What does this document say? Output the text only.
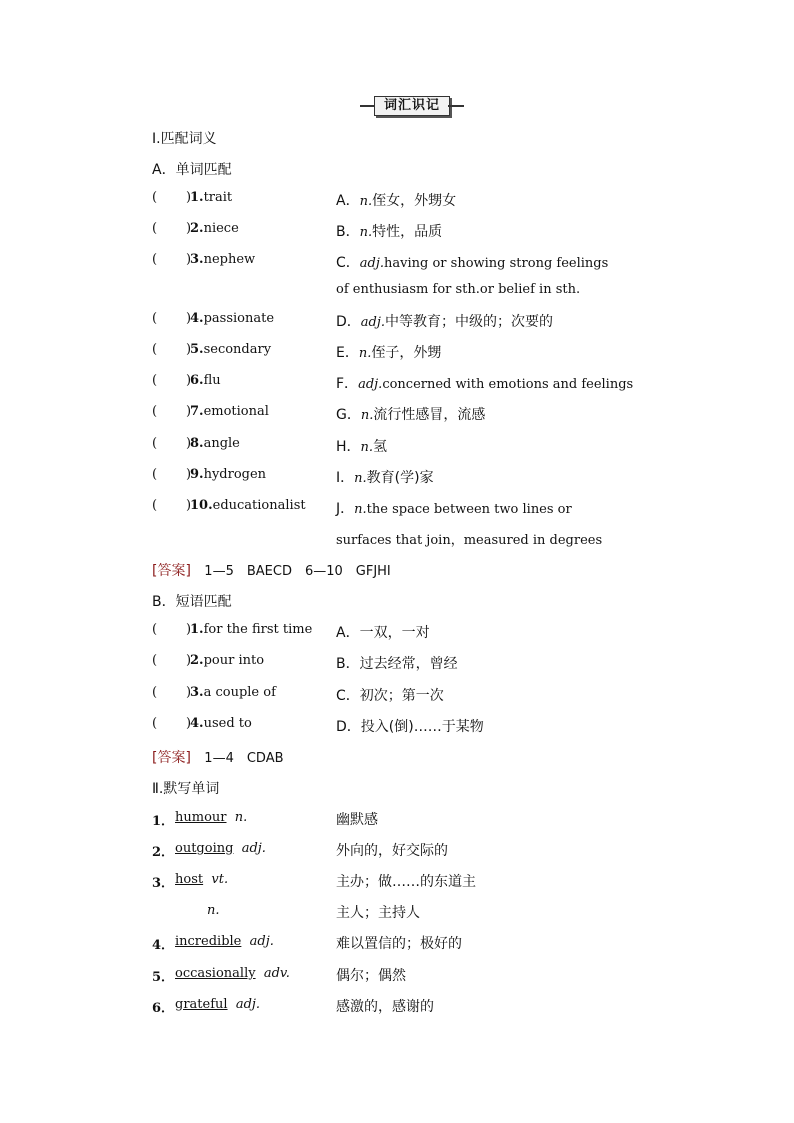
词汇识记
Ⅰ.匹配词义
A．单词匹配
( )
1.trait	A．n.侄女，外甥女
( )
2.niece	B．n.特性，品质
( )
3.nephew	C．adj.having or showing strong feelings
of enthusiasm for sth.or belief in sth.
( )
4.passionate	D．adj.中等教育；中级的；次要的
( )
5.secondary	E．n.侄子，外甥
( )
6.flu	F．adj.concerned with emotions and feelings
( )
7.emotional	G．n.流行性感冒，流感
( )
8.angle	H．n.氢
( )
9.hydrogen	I．n.教育(学)家
( )
10.educationalist J．n.the space between two lines or
surfaces that join，measured in degrees
[答案] 1—5　BAECD　6—10　GFJHI
B．短语匹配
( )
1.for the first time A．一双，一对
( )
2.pour into	B．过去经常，曾经
( )
3.a couple of	C．初次；第一次
( )
4.used to	D．投入(倒)……于某物
[答案] 1—4　CDAB
Ⅱ.默写单词
1． humour n.	幽默感
2． outgoing adj.	外向的，好交际的
3． host vt.	主办；做……的东道主
n.	主人；主持人
4． incredible adj.	难以置信的；极好的
5． occasionally adv.	偶尔；偶然
6． grateful adj.	感激的，感谢的
